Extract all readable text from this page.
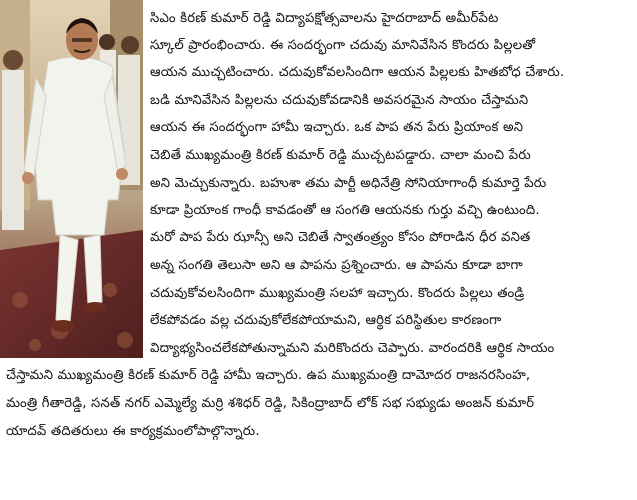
సిఎం కిరణ్ కుమార్ రెడ్డి విద్యాపక్షోత్సవాలను హైదరాబాద్ అమీర్‌పేట
స్కూల్ ప్రారంభించారు. ఈ సందర్భంగా చదువు మానివేసిన కొందరు పిల్లలతో
ఆయన ముచ్చటించారు. చదువుకోవలసిందిగా ఆయన పిల్లలకు హితబోధ చేశారు.
బడి మానివేసిన పిల్లలను చదువుకోవడానికి అవసరమైన సాయం చేస్తామని
ఆయన ఈ సందర్భంగా హామీ ఇచ్చారు. ఒక పాప తన పేరు ప్రియాంక అని
చెబితే ముఖ్యమంత్రి కిరణ్ కుమార్ రెడ్డి ముచ్చటపడ్డారు. చాలా మంచి పేరు
అని మెచ్చుకున్నారు. బహుశా తమ పార్టీ అధినేత్రి సోనియాగాంధీ కుమార్తె పేరు
కూడా ప్రియాంక గాంధీ కావడంతో ఆ సంగతి ఆయనకు గుర్తు వచ్చి ఉంటుంది.
మరో పాప పేరు ఝాన్సీ అని చెబితే స్వాతంత్ర్యం కోసం పోరాడిన ధీర వనిత
అన్న సంగతి తెలుసా అని ఆ పాపను ప్రశ్నించారు. ఆ పాపను కూడా బాగా
చదువుకోవలసిందిగా ముఖ్యమంత్రి సలహా ఇచ్చారు. కొందరు పిల్లలు తండ్రి
లేకపోవడం వల్ల చదువుకోలేకపోయామని, ఆర్థిక పరిస్థితుల కారణంగా
విద్యాభ్యసించలేకపోతున్నామని మరికొందరు చెప్పారు. వారందరికి ఆర్థిక సాయం
చేస్తామని ముఖ్యమంత్రి కిరణ్ కుమార్ రెడ్డి హామీ ఇచ్చారు. ఉప ముఖ్యమంత్రి దామోదర రాజనరసింహ,
మంత్రి గీతారెడ్డి, సనత్ నగర్ ఎమ్మెల్యే మర్రి శశిధర్ రెడ్డి, సికింద్రాబాద్ లోక్ సభ సభ్యుడు అంజన్ కుమార్
యాదవ్ తదితరులు ఈ కార్యక్రమంలోపాల్గొన్నారు.
